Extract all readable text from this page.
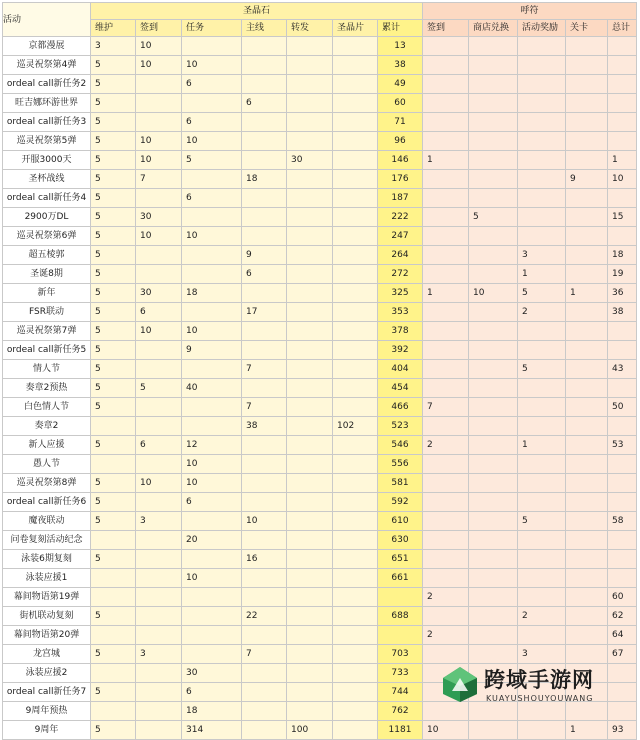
活动	圣晶石							呼符				
	维护	签到	任务	主线	转发	圣晶片	累计	签到	商店兑换	活动奖励	关卡	总计
京都漫展	3	10					13					
巡灵祝祭第4弹	5	10	10				38					
ordeal call新任务2	5		6				49					
旺吉娜环游世界	5			6			60					
ordeal call新任务3	5		6				71					
巡灵祝祭第5弹	5	10	10				96					
开服3000天	5	10	5		30		146	1				1
圣杯战线	5	7		18			176				9	10
ordeal call新任务4	5		6				187					
2900万DL	5	30					222		5			15
巡灵祝祭第6弹	5	10	10				247					
超五棱郭	5			9			264			3		18
圣诞8期	5			6			272			1		19
新年	5	30	18				325	1	10	5	1	36
FSR联动	5	6		17			353			2		38
巡灵祝祭第7弹	5	10	10				378					
ordeal call新任务5	5		9				392					
情人节	5			7			404			5		43
奏章2预热	5	5	40				454					
白色情人节	5			7			466	7				50
奏章2				38		102	523					
新人应援	5	6	12				546	2		1		53
愚人节			10				556					
巡灵祝祭第8弹	5	10	10				581					
ordeal call新任务6	5		6				592					
魔夜联动	5	3		10			610			5		58
问卷复刻活动纪念			20				630					
泳装6期复刻	5			16			651					
泳装应援1			10				661					
幕间物语第19弹								2				60
街机联动复刻	5			22			688			2		62
幕间物语第20弹								2				64
龙宫城	5	3		7			703			3		67
泳装应援2			30				733					
ordeal call新任务7	5		6				744					
9周年预热			18				762					
9周年	5		314		100		1181	10			1	93
跨域手游网
KUAYUSHOUYOUWANG
